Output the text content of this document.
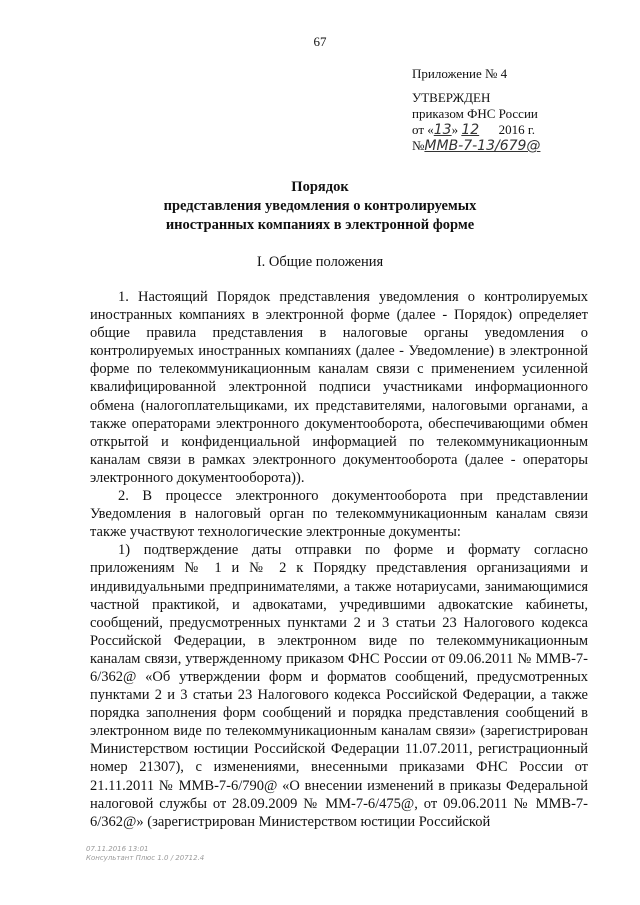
67
Приложение № 4
УТВЕРЖДЕН
приказом ФНС России
от «13» 12 2016 г.
№ММВ-7-13/679@
Порядок
представления уведомления о контролируемых
иностранных компаниях в электронной форме
I. Общие положения

1. Настоящий Порядок представления уведомления о контролируемых иностранных компаниях в электронной форме (далее - Порядок) определяет общие правила представления в налоговые органы уведомления о контролируемых иностранных компаниях (далее - Уведомление) в электронной форме по телекоммуникационным каналам связи с применением усиленной квалифицированной электронной подписи участниками информационного обмена (налогоплательщиками, их представителями, налоговыми органами, а также операторами электронного документооборота, обеспечивающими обмен открытой и конфиденциальной информацией по телекоммуникационным каналам связи в рамках электронного документооборота (далее - операторы электронного документооборота)).

2. В процессе электронного документооборота при представлении Уведомления в налоговый орган по телекоммуникационным каналам связи также участвуют технологические электронные документы:

1) подтверждение даты отправки по форме и формату согласно приложениям № 1 и № 2 к Порядку представления организациями и индивидуальными предпринимателями, а также нотариусами, занимающимися частной практикой, и адвокатами, учредившими адвокатские кабинеты, сообщений, предусмотренных пунктами 2 и 3 статьи 23 Налогового кодекса Российской Федерации, в электронном виде по телекоммуникационным каналам связи, утвержденному приказом ФНС России от 09.06.2011 № ММВ-7-6/362@ «Об утверждении форм и форматов сообщений, предусмотренных пунктами 2 и 3 статьи 23 Налогового кодекса Российской Федерации, а также порядка заполнения форм сообщений и порядка представления сообщений в электронном виде по телекоммуникационным каналам связи» (зарегистрирован Министерством юстиции Российской Федерации 11.07.2011, регистрационный номер 21307), с изменениями, внесенными приказами ФНС России от 21.11.2011 № ММВ-7-6/790@ «О внесении изменений в приказы Федеральной налоговой службы от 28.09.2009 № ММ-7-6/475@, от 09.06.2011 № ММВ-7-6/362@» (зарегистрирован Министерством юстиции Российской

07.11.2016 13:01
Консультант Плюс 1.0 / 20712.4
